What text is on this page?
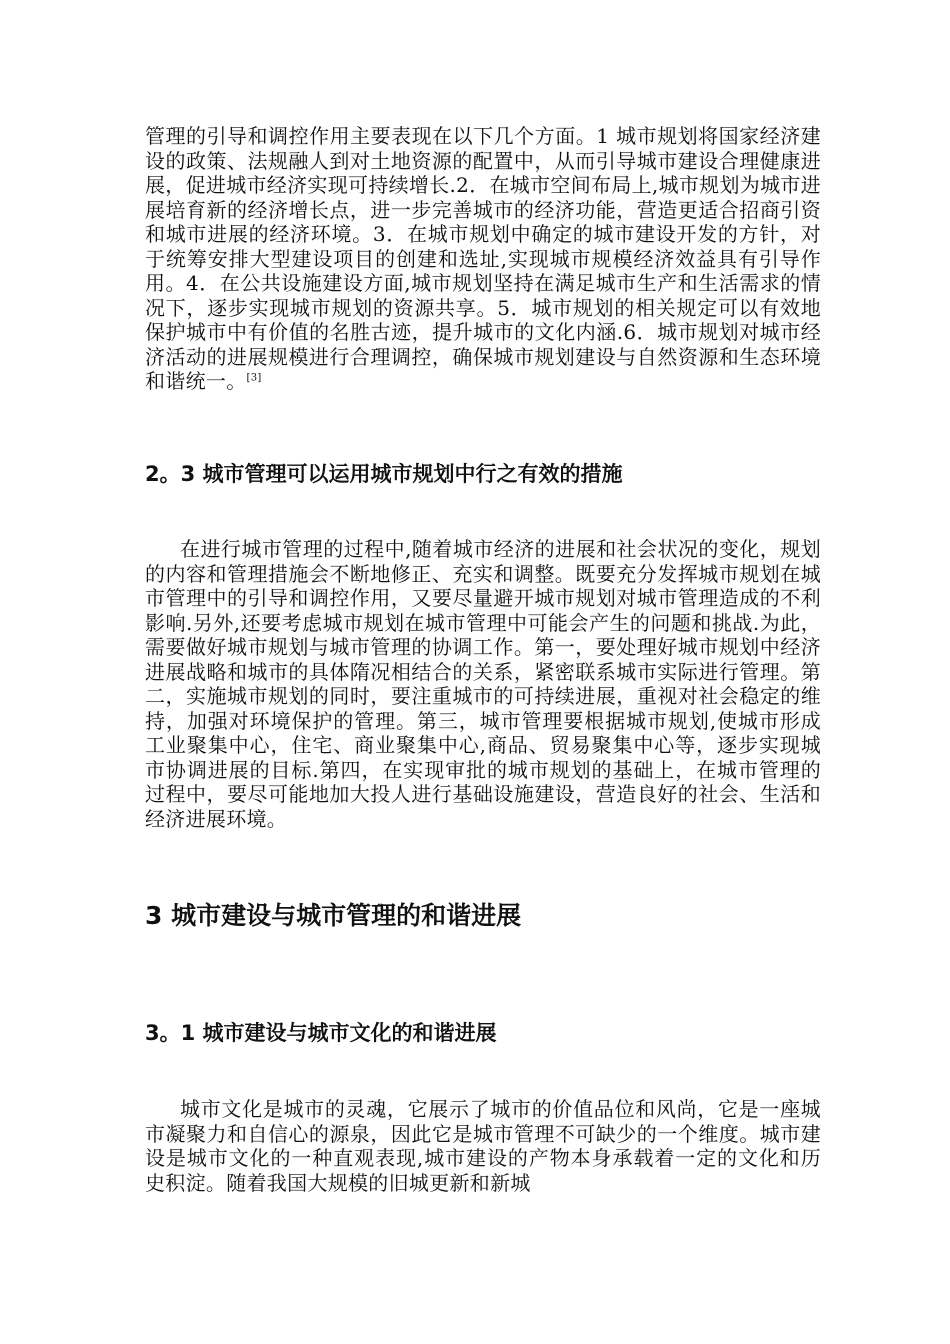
管理的引导和调控作用主要表现在以下几个方面。1 城市规划将国家经济建设的政策、法规融人到对土地资源的配置中，从而引导城市建设合理健康进展，促进城市经济实现可持续增长.2．在城市空间布局上,城市规划为城市进展培育新的经济增长点，进一步完善城市的经济功能，营造更适合招商引资和城市进展的经济环境。3．在城市规划中确定的城市建设开发的方针，对于统筹安排大型建设项目的创建和选址,实现城市规模经济效益具有引导作用。4．在公共设施建设方面,城市规划坚持在满足城市生产和生活需求的情况下，逐步实现城市规划的资源共享。5．城市规划的相关规定可以有效地保护城市中有价值的名胜古迹，提升城市的文化内涵.6．城市规划对城市经济活动的进展规模进行合理调控，确保城市规划建设与自然资源和生态环境和谐统一。[3]

2。3 城市管理可以运用城市规划中行之有效的措施

在进行城市管理的过程中,随着城市经济的进展和社会状况的变化，规划的内容和管理措施会不断地修正、充实和调整。既要充分发挥城市规划在城市管理中的引导和调控作用，又要尽量避开城市规划对城市管理造成的不利影响.另外,还要考虑城市规划在城市管理中可能会产生的问题和挑战.为此，需要做好城市规划与城市管理的协调工作。第一，要处理好城市规划中经济进展战略和城市的具体隋况相结合的关系，紧密联系城市实际进行管理。第二，实施城市规划的同时，要注重城市的可持续进展，重视对社会稳定的维持，加强对环境保护的管理。第三，城市管理要根据城市规划,使城市形成工业聚集中心，住宅、商业聚集中心,商品、贸易聚集中心等，逐步实现城市协调进展的目标.第四，在实现审批的城市规划的基础上，在城市管理的过程中，要尽可能地加大投人进行基础设施建设，营造良好的社会、生活和经济进展环境。

3 城市建设与城市管理的和谐进展
3。1 城市建设与城市文化的和谐进展

城市文化是城市的灵魂，它展示了城市的价值品位和风尚，它是一座城市凝聚力和自信心的源泉，因此它是城市管理不可缺少的一个维度。城市建设是城市文化的一种直观表现,城市建设的产物本身承载着一定的文化和历史积淀。随着我国大规模的旧城更新和新城
